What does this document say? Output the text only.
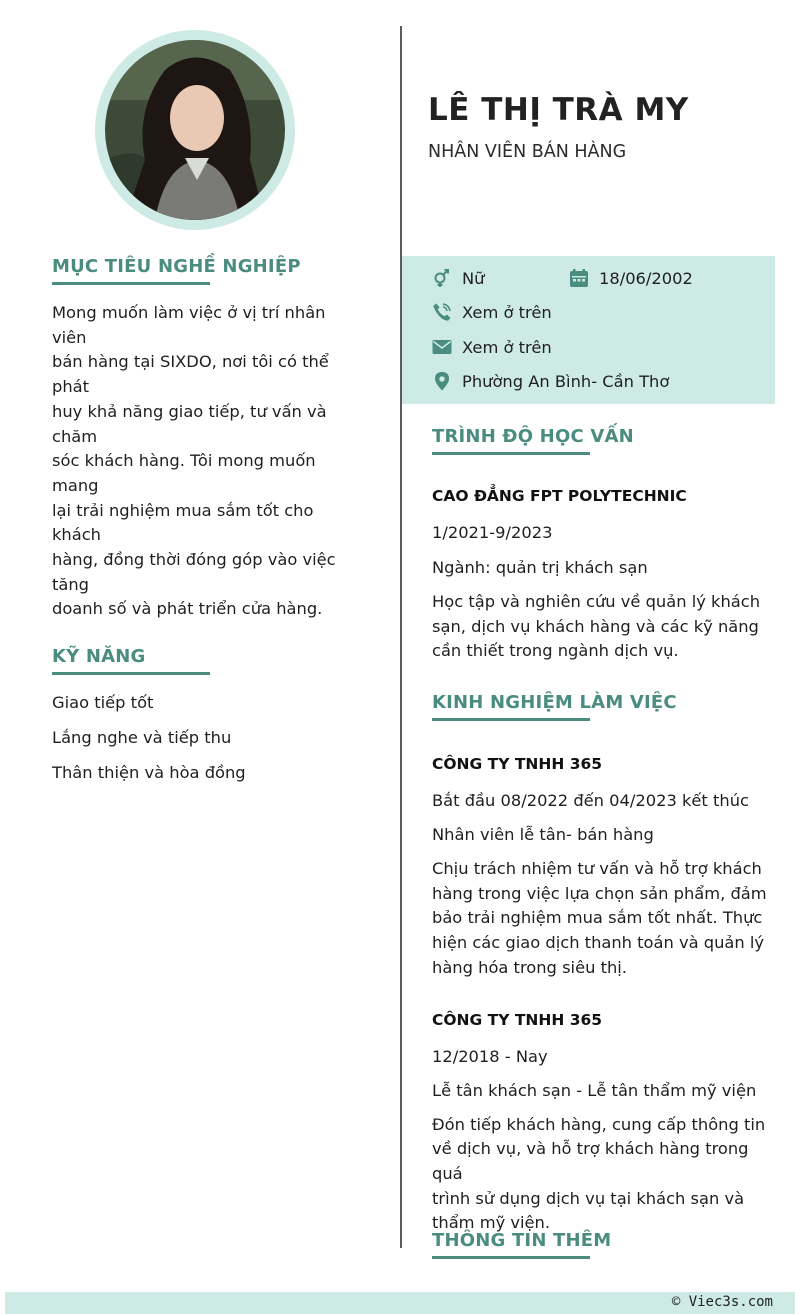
LÊ THỊ TRÀ MY
NHÂN VIÊN BÁN HÀNG
Nữ	18/06/2002
Xem ở trên
Xem ở trên
Phường An Bình- Cần Thơ
MỤC TIÊU NGHỀ NGHIỆP
Mong muốn làm việc ở vị trí nhân viên
bán hàng tại SIXDO, nơi tôi có thể phát
huy khả năng giao tiếp, tư vấn và chăm
sóc khách hàng. Tôi mong muốn mang
lại trải nghiệm mua sắm tốt cho khách
hàng, đồng thời đóng góp vào việc tăng
doanh số và phát triển cửa hàng.
KỸ NĂNG
Giao tiếp tốt
Lắng nghe và tiếp thu
Thân thiện và hòa đồng
TRÌNH ĐỘ HỌC VẤN
CAO ĐẲNG FPT POLYTECHNIC
1/2021-9/2023
Ngành: quản trị khách sạn
Học tập và nghiên cứu về quản lý khách
sạn, dịch vụ khách hàng và các kỹ năng
cần thiết trong ngành dịch vụ.
KINH NGHIỆM LÀM VIỆC
CÔNG TY TNHH 365
Bắt đầu 08/2022 đến 04/2023 kết thúc
Nhân viên lễ tân- bán hàng
Chịu trách nhiệm tư vấn và hỗ trợ khách
hàng trong việc lựa chọn sản phẩm, đảm
bảo trải nghiệm mua sắm tốt nhất. Thực
hiện các giao dịch thanh toán và quản lý
hàng hóa trong siêu thị.
CÔNG TY TNHH 365
12/2018 - Nay
Lễ tân khách sạn - Lễ tân thẩm mỹ viện
Đón tiếp khách hàng, cung cấp thông tin
về dịch vụ, và hỗ trợ khách hàng trong quá
trình sử dụng dịch vụ tại khách sạn và
thẩm mỹ viện.
THÔNG TIN THÊM
© Viec3s.com
